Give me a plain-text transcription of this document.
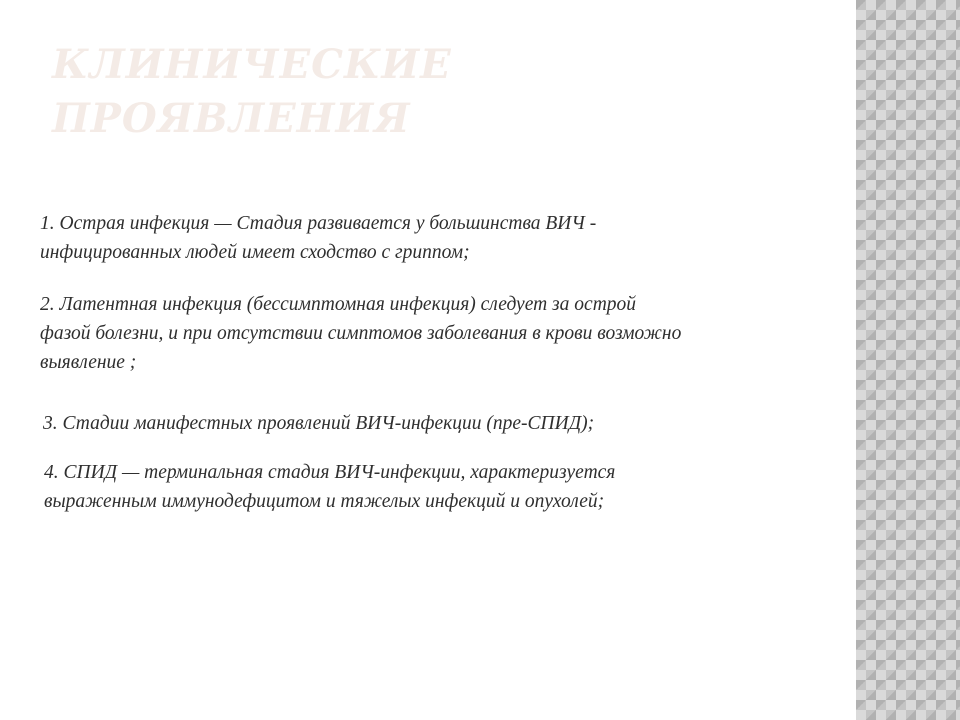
КЛИНИЧЕСКИЕ
ПРОЯВЛЕНИЯ

1. Острая инфекция — Стадия развивается у большинства ВИЧ -
инфицированных людей имеет сходство с гриппом;

2. Латентная инфекция (бессимптомная инфекция) следует за острой
фазой болезни, и при отсутствии симптомов заболевания в крови возможно
выявление ;

3. Стадии манифестных проявлений ВИЧ-инфекции (пре-СПИД);

4. СПИД — терминальная стадия ВИЧ-инфекции, характеризуется
выраженным иммунодефицитом и тяжелых инфекций и опухолей;
